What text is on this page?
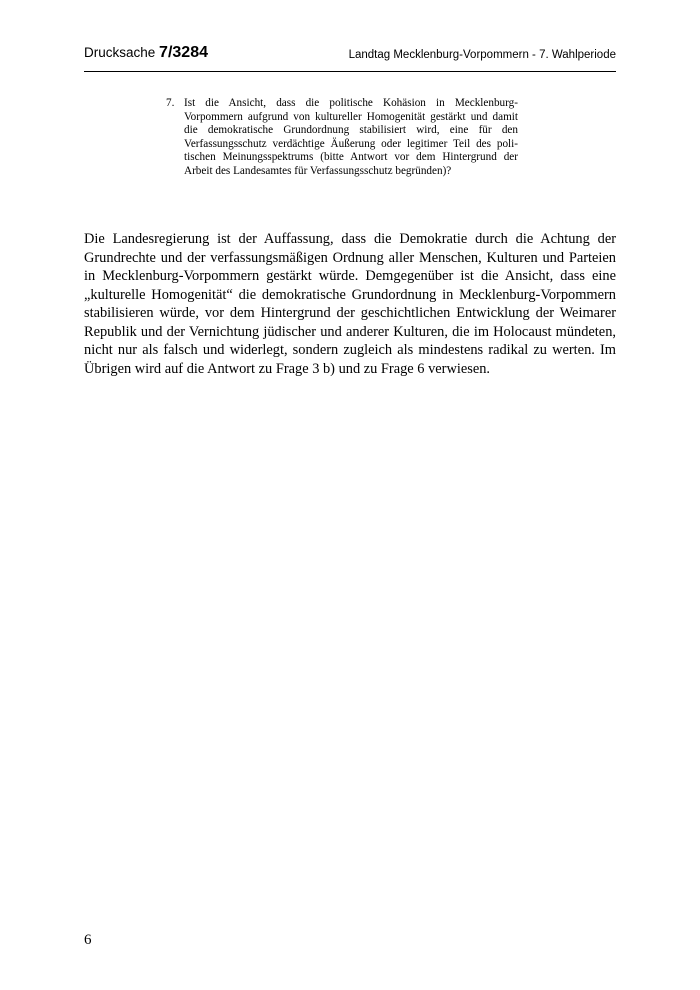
Drucksache 7/3284	Landtag Mecklenburg-Vorpommern - 7. Wahlperiode
7. Ist die Ansicht, dass die politische Kohäsion in Mecklenburg-Vorpommern aufgrund von kultureller Homogenität gestärkt und damit die demokratische Grundordnung stabilisiert wird, eine für den Verfassungsschutz verdächtige Äußerung oder legitimer Teil des politischen Meinungsspektrums (bitte Antwort vor dem Hintergrund der Arbeit des Landesamtes für Verfassungsschutz begründen)?
Die Landesregierung ist der Auffassung, dass die Demokratie durch die Achtung der Grundrechte und der verfassungsmäßigen Ordnung aller Menschen, Kulturen und Parteien in Mecklenburg-Vorpommern gestärkt würde. Demgegenüber ist die Ansicht, dass eine „kulturelle Homogenität“ die demokratische Grundordnung in Mecklenburg-Vorpommern stabilisieren würde, vor dem Hintergrund der geschichtlichen Entwicklung der Weimarer Republik und der Vernichtung jüdischer und anderer Kulturen, die im Holocaust mündeten, nicht nur als falsch und widerlegt, sondern zugleich als mindestens radikal zu werten. Im Übrigen wird auf die Antwort zu Frage 3 b) und zu Frage 6 verwiesen.
6
